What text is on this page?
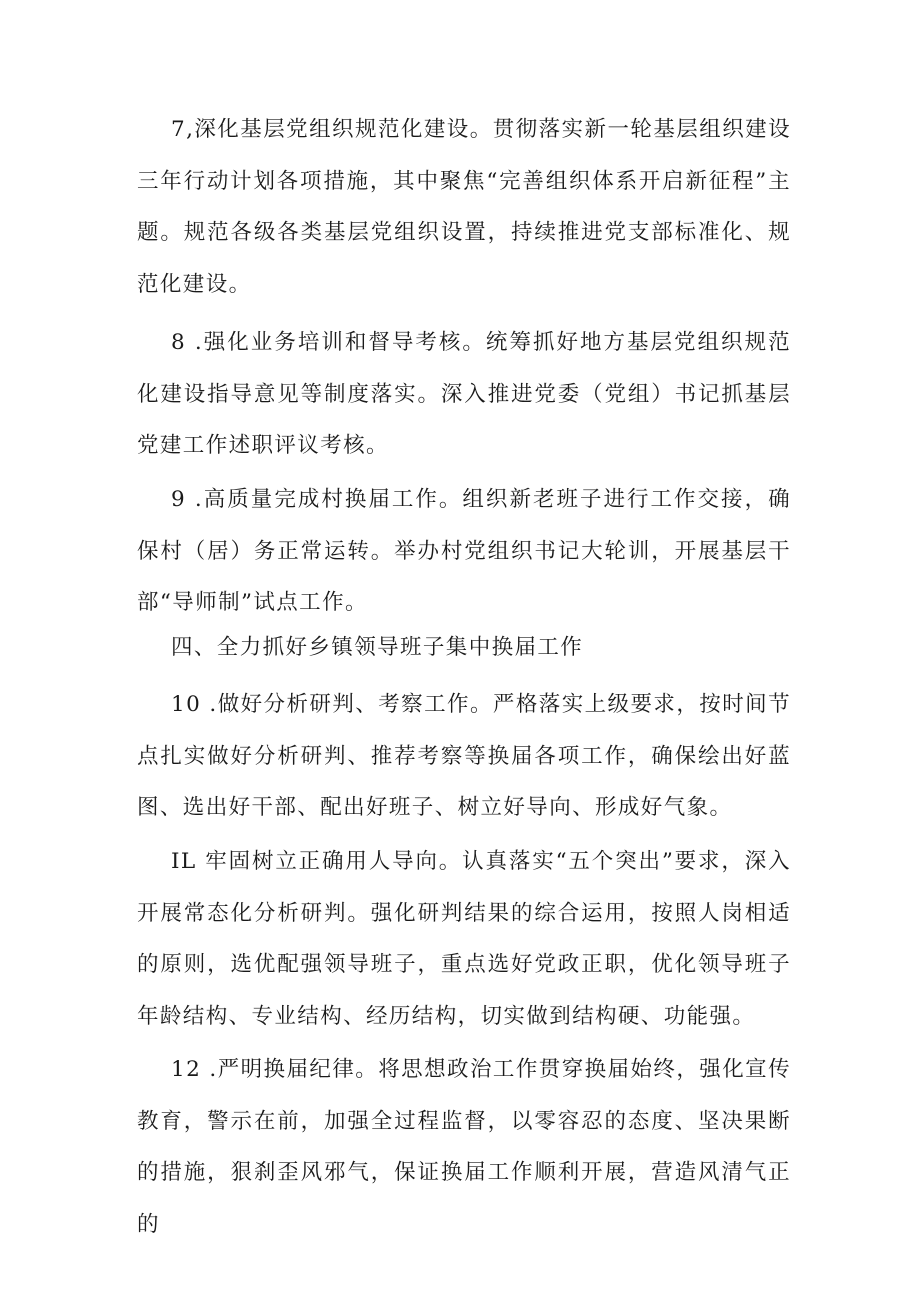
7,深化基层党组织规范化建设。贯彻落实新一轮基层组织建设三年行动计划各项措施，其中聚焦“完善组织体系开启新征程”主题。规范各级各类基层党组织设置，持续推进党支部标准化、规范化建设。

8 .强化业务培训和督导考核。统筹抓好地方基层党组织规范化建设指导意见等制度落实。深入推进党委（党组）书记抓基层党建工作述职评议考核。

9 .高质量完成村换届工作。组织新老班子进行工作交接，确保村（居）务正常运转。举办村党组织书记大轮训，开展基层干部“导师制”试点工作。

四、全力抓好乡镇领导班子集中换届工作

10 .做好分析研判、考察工作。严格落实上级要求，按时间节点扎实做好分析研判、推荐考察等换届各项工作，确保绘出好蓝图、选出好干部、配出好班子、树立好导向、形成好气象。

IL 牢固树立正确用人导向。认真落实“五个突出”要求，深入开展常态化分析研判。强化研判结果的综合运用，按照人岗相适的原则，选优配强领导班子，重点选好党政正职，优化领导班子年龄结构、专业结构、经历结构，切实做到结构硬、功能强。

12 .严明换届纪律。将思想政治工作贯穿换届始终，强化宣传教育，警示在前，加强全过程监督，以零容忍的态度、坚决果断的措施，狠刹歪风邪气，保证换届工作顺利开展，营造风清气正的
